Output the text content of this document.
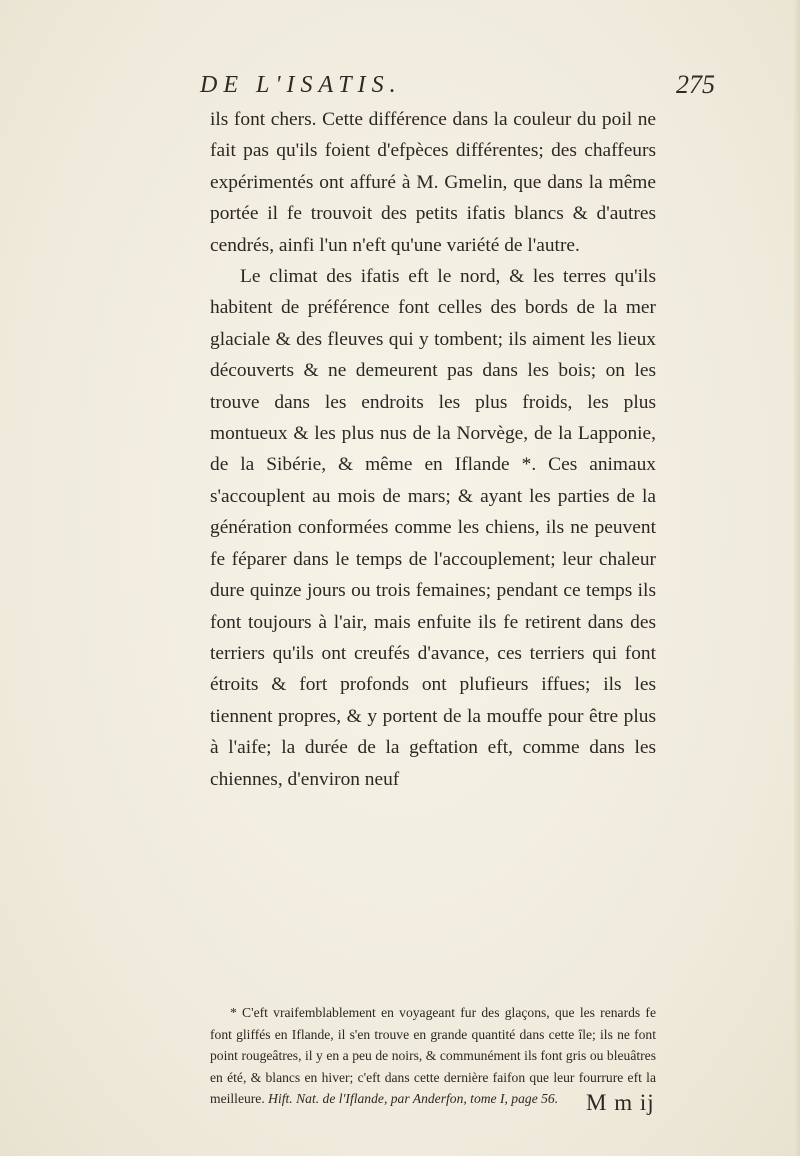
DE L'ISATIS.	275

ils font chers. Cette différence dans la couleur du poil ne fait pas qu'ils foient d'efpèces différentes; des chaffeurs expérimentés ont affuré à M. Gmelin, que dans la même portée il fe trouvoit des petits ifatis blancs & d'autres cendrés, ainfi l'un n'eft qu'une variété de l'autre.

Le climat des ifatis eft le nord, & les terres qu'ils habitent de préférence font celles des bords de la mer glaciale & des fleuves qui y tombent; ils aiment les lieux découverts & ne demeurent pas dans les bois; on les trouve dans les endroits les plus froids, les plus montueux & les plus nus de la Norvège, de la Lapponie, de la Sibérie, & même en Iflande *. Ces animaux s'accouplent au mois de mars; & ayant les parties de la génération conformées comme les chiens, ils ne peuvent fe féparer dans le temps de l'accouplement; leur chaleur dure quinze jours ou trois femaines; pendant ce temps ils font toujours à l'air, mais enfuite ils fe retirent dans des terriers qu'ils ont creufés d'avance, ces terriers qui font étroits & fort profonds ont plufieurs iffues; ils les tiennent propres, & y portent de la mouffe pour être plus à l'aife; la durée de la geftation eft, comme dans les chiennes, d'environ neuf

* C'eft vraifemblablement en voyageant fur des glaçons, que les renards fe font gliffés en Iflande, il s'en trouve en grande quantité dans cette île; ils ne font point rougeâtres, il y en a peu de noirs, & communément ils font gris ou bleuâtres en été, & blancs en hiver; c'eft dans cette dernière faifon que leur fourrure eft la meilleure. Hift. Nat. de l'Iflande, par Anderfon, tome I, page 56.	M m ij
